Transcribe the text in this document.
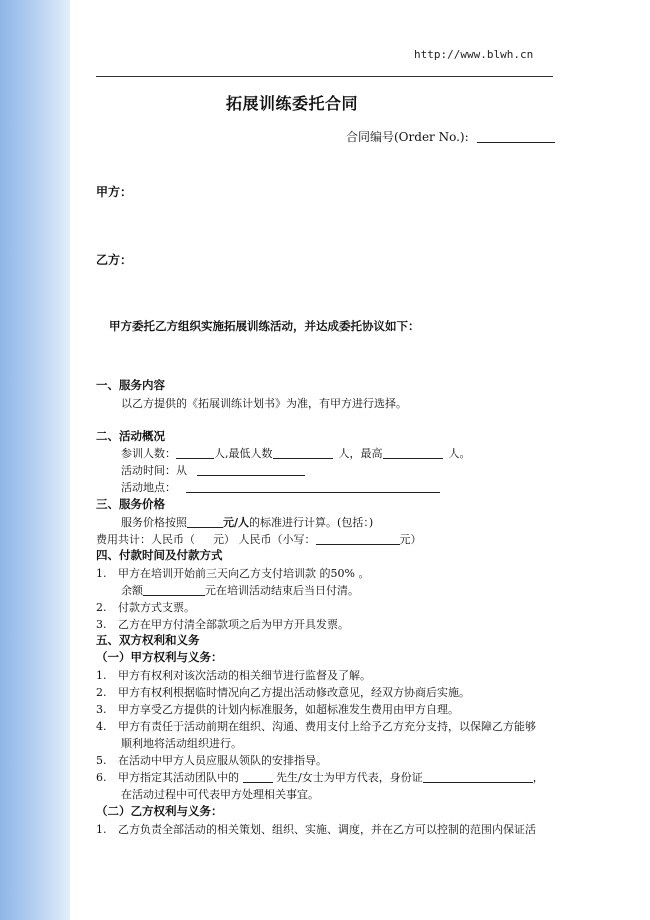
http://www.blwh.cn
拓展训练委托合同
合同编号(Order No.):
甲方：
乙方：
甲方委托乙方组织实施拓展训练活动，并达成委托协议如下：
一、服务内容
以乙方提供的《拓展训练计划书》为准，有甲方进行选择。
二、活动概况
参训人数：	人,最低人数	人，最高	人。
活动时间：从
活动地点：
三、服务价格
服务价格按照	元/人的标准进行计算。(包括：)
费用共计：人民币（ 元） 人民币（小写：	元）
四、付款时间及付款方式
1. 甲方在培训开始前三天向乙方支付培训款 的50% 。
余额	元在培训活动结束后当日付清。
2. 付款方式支票。
3. 乙方在甲方付清全部款项之后为甲方开具发票。
五、双方权利和义务
（一）甲方权利与义务：
1. 甲方有权利对该次活动的相关细节进行监督及了解。
2. 甲方有权利根据临时情况向乙方提出活动修改意见，经双方协商后实施。
3. 甲方享受乙方提供的计划内标准服务，如超标准发生费用由甲方自理。
4. 甲方有责任于活动前期在组织、沟通、费用支付上给予乙方充分支持，以保障乙方能够
顺利地将活动组织进行。
5. 在活动中甲方人员应服从领队的安排指导。
6. 甲方指定其活动团队中的	先生/女士为甲方代表，身份证	，
在活动过程中可代表甲方处理相关事宜。
（二）乙方权利与义务：
1. 乙方负责全部活动的相关策划、组织、实施、调度，并在乙方可以控制的范围内保证活
